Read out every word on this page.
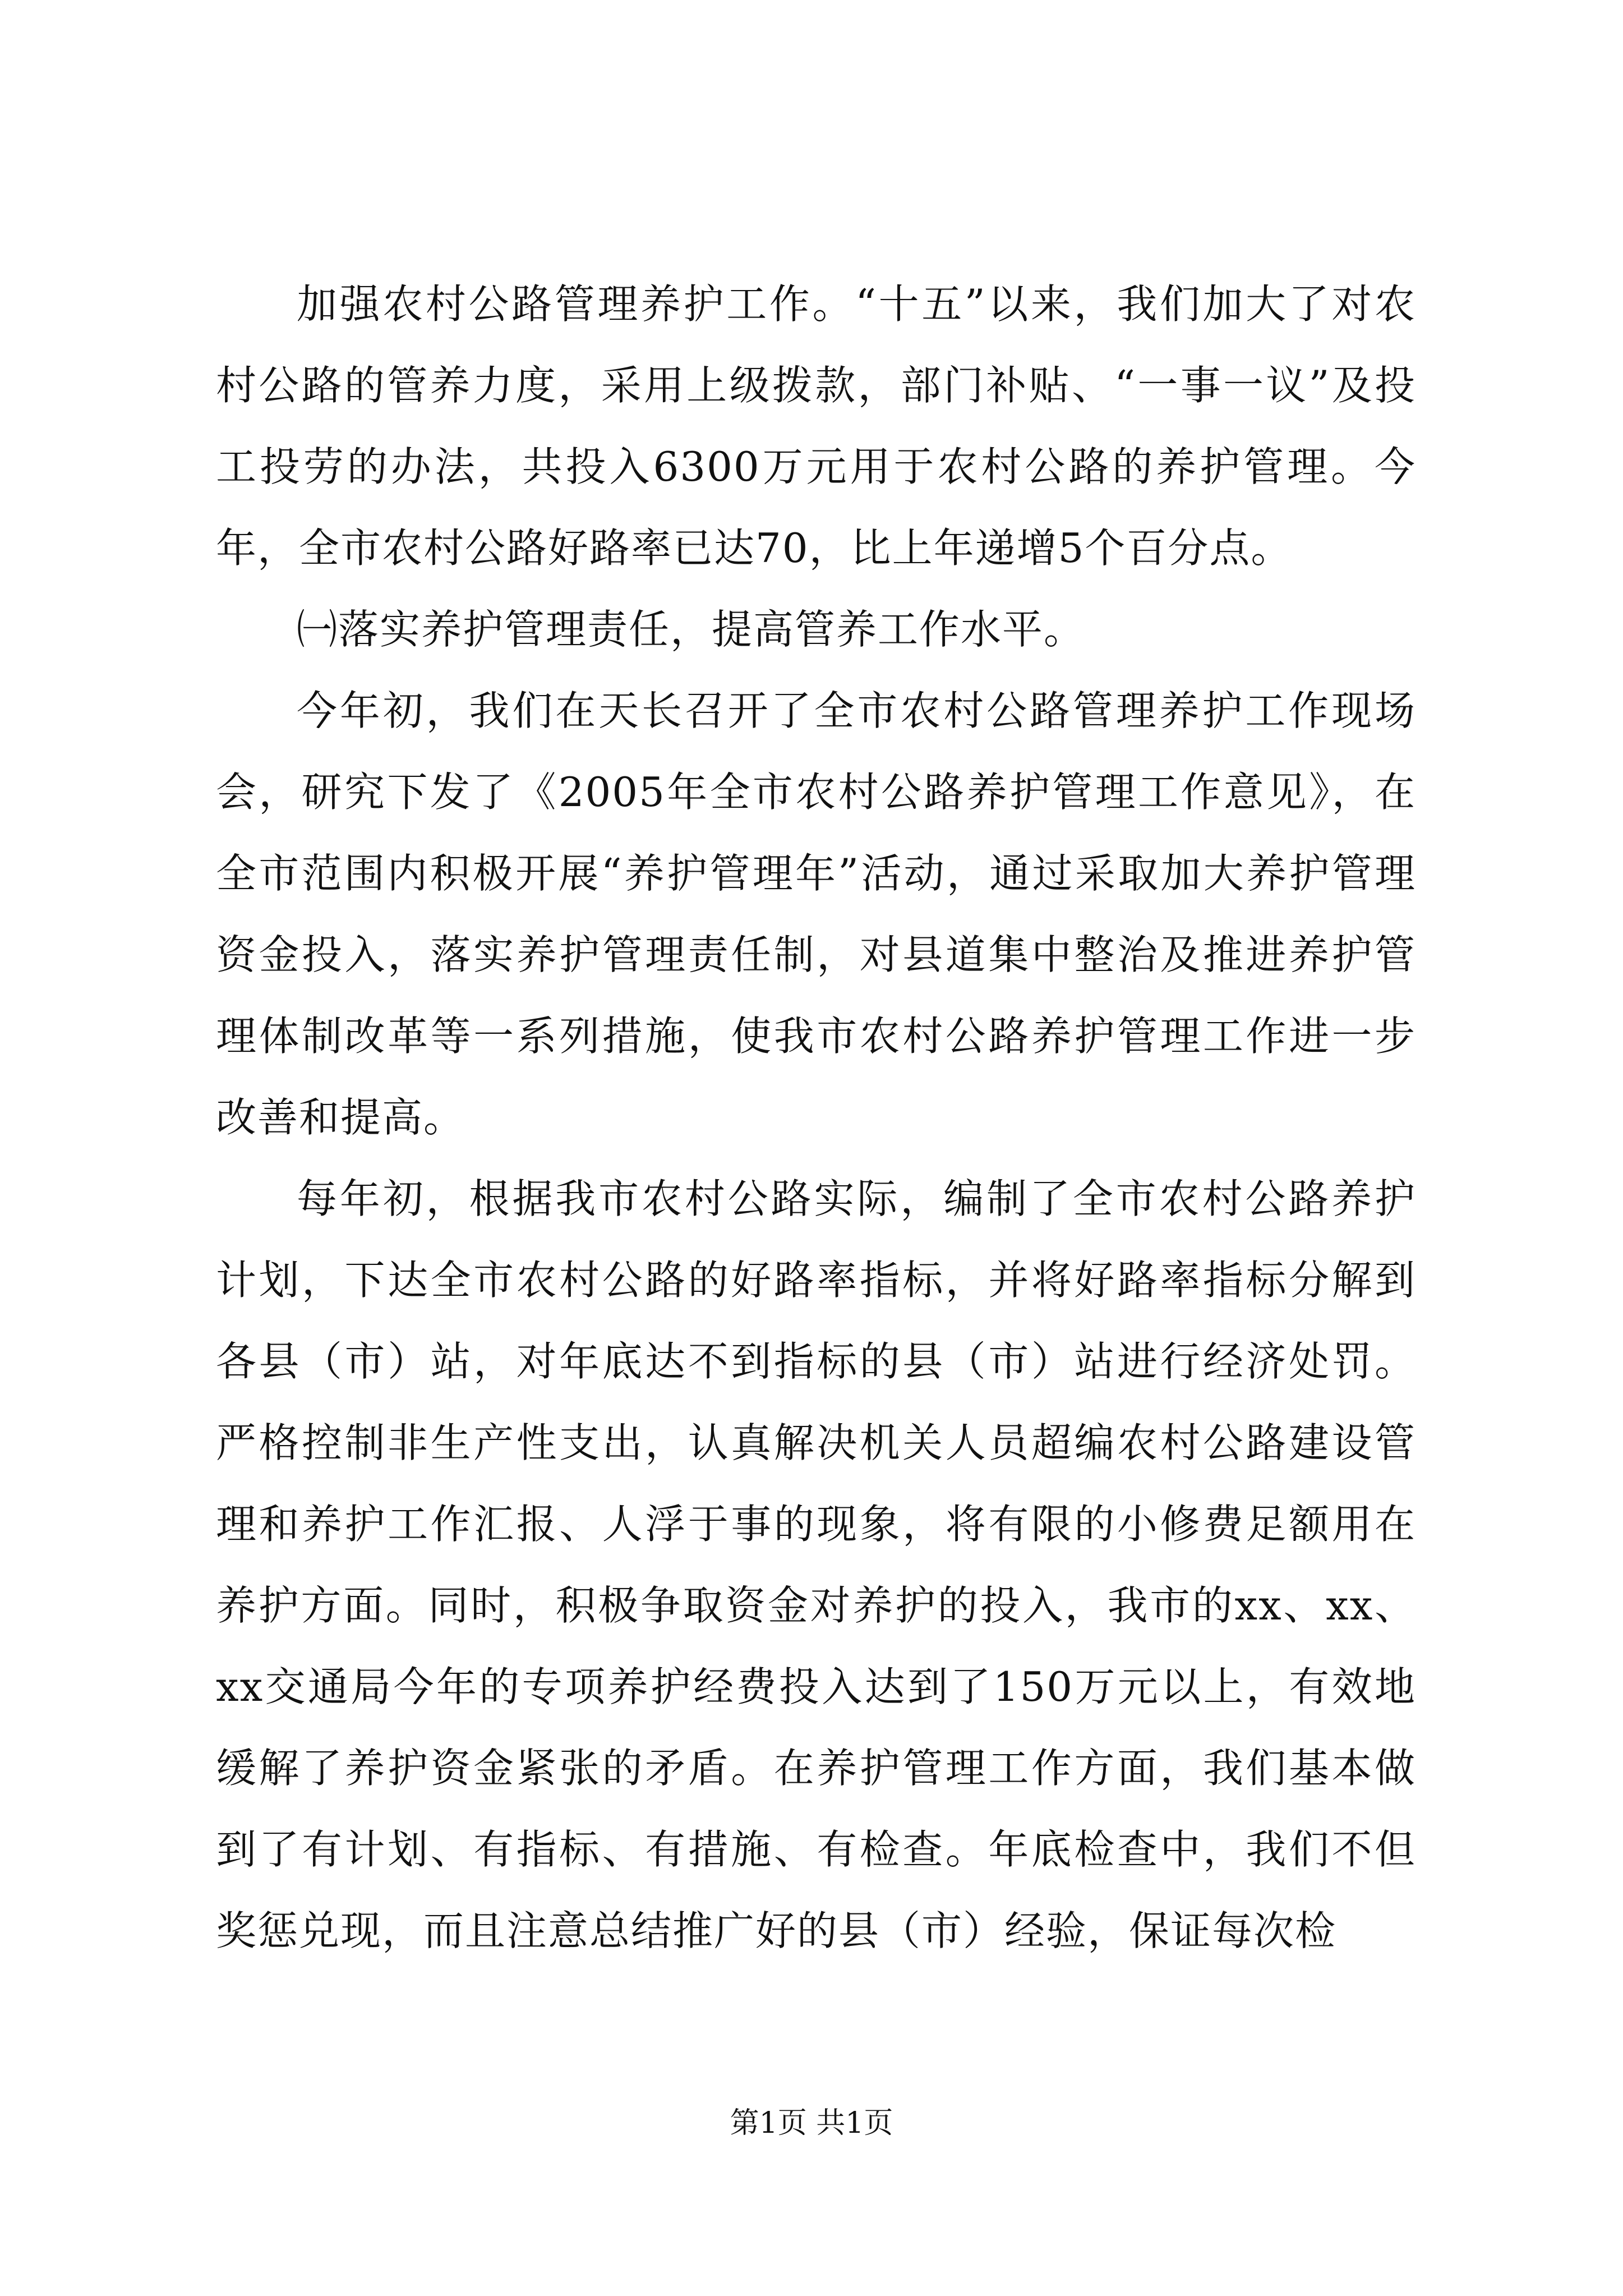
加强农村公路管理养护工作。“十五”以来，我们加大了对农村公路的管养力度，采用上级拨款，部门补贴、“一事一议”及投工投劳的办法，共投入6300万元用于农村公路的养护管理。今年，全市农村公路好路率已达70，比上年递增5个百分点。

㈠落实养护管理责任，提高管养工作水平。

今年初，我们在天长召开了全市农村公路管理养护工作现场会，研究下发了《2005年全市农村公路养护管理工作意见》，在全市范围内积极开展“养护管理年”活动，通过采取加大养护管理资金投入，落实养护管理责任制，对县道集中整治及推进养护管理体制改革等一系列措施，使我市农村公路养护管理工作进一步改善和提高。

每年初，根据我市农村公路实际，编制了全市农村公路养护计划，下达全市农村公路的好路率指标，并将好路率指标分解到各县（市）站，对年底达不到指标的县（市）站进行经济处罚。严格控制非生产性支出，认真解决机关人员超编农村公路建设管理和养护工作汇报、人浮于事的现象，将有限的小修费足额用在养护方面。同时，积极争取资金对养护的投入，我市的xx、xx、xx交通局今年的专项养护经费投入达到了150万元以上，有效地缓解了养护资金紧张的矛盾。在养护管理工作方面，我们基本做到了有计划、有指标、有措施、有检查。年底检查中，我们不但奖惩兑现，而且注意总结推广好的县（市）经验，保证每次检

第1页 共1页
